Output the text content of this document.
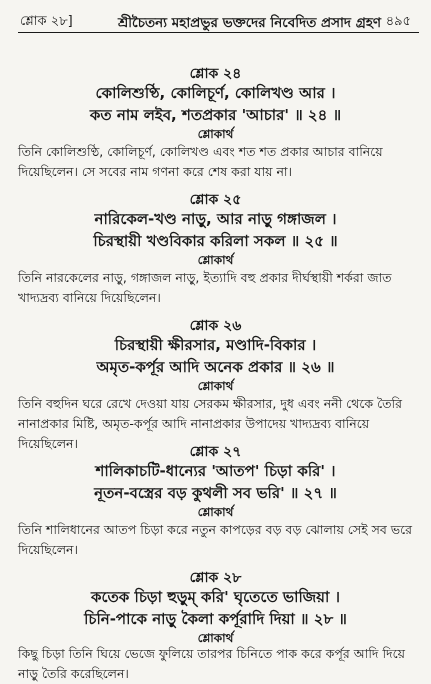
শ্লোক ২৮]	শ্রীচৈতন্য মহাপ্রভুর ভক্তদের নিবেদিত প্রসাদ গ্রহণ ৪৯৫
শ্লোক ২৪
কোলিশুণ্ঠি, কোলিচূর্ণ, কোলিখণ্ড আর ।
কত নাম লইব, শতপ্রকার 'আচার' ॥ ২৪ ॥
শ্লোকার্থ
তিনি কোলিশুণ্ঠি, কোলিচূর্ণ, কোলিখণ্ড এবং শত শত প্রকার আচার বানিয়ে দিয়েছিলেন। সে সবের নাম গণনা করে শেষ করা যায় না।
শ্লোক ২৫
নারিকেল-খণ্ড নাড়ু, আর নাড়ু গঙ্গাজল ।
চিরস্থায়ী খণ্ডবিকার করিলা সকল ॥ ২৫ ॥
শ্লোকার্থ
তিনি নারকেলের নাড়ু, গঙ্গাজল নাড়ু, ইত্যাদি বহু প্রকার দীর্ঘস্থায়ী শর্করা জাত খাদ্যদ্রব্য বানিয়ে দিয়েছিলেন।
শ্লোক ২৬
চিরস্থায়ী ক্ষীরসার, মণ্ডাদি-বিকার ।
অমৃত-কর্পূর আদি অনেক প্রকার ॥ ২৬ ॥
শ্লোকার্থ
তিনি বহুদিন ঘরে রেখে দেওয়া যায় সেরকম ক্ষীরসার, দুধ এবং ননী থেকে তৈরি নানাপ্রকার মিষ্টি, অমৃত-কর্পূর আদি নানাপ্রকার উপাদেয় খাদ্যদ্রব্য বানিয়ে দিয়েছিলেন।
শ্লোক ২৭
শালিকাচটি-ধান্যের 'আতপ' চিড়া করি' ।
নূতন-বস্ত্রের বড় কুথলী সব ভরি' ॥ ২৭ ॥
শ্লোকার্থ
তিনি শালিধানের আতপ চিড়া করে নতুন কাপড়ের বড় বড় ঝোলায় সেই সব ভরে দিয়েছিলেন।
শ্লোক ২৮
কতেক চিড়া হুড়ুম্ করি' ঘৃতেতে ভাজিয়া ।
চিনি-পাকে নাড়ু কৈলা কর্পূরাদি দিয়া ॥ ২৮ ॥
শ্লোকার্থ
কিছু চিড়া তিনি ঘিয়ে ভেজে ফুলিয়ে তারপর চিনিতে পাক করে কর্পূর আদি দিয়ে নাড়ু তৈরি করেছিলেন।
